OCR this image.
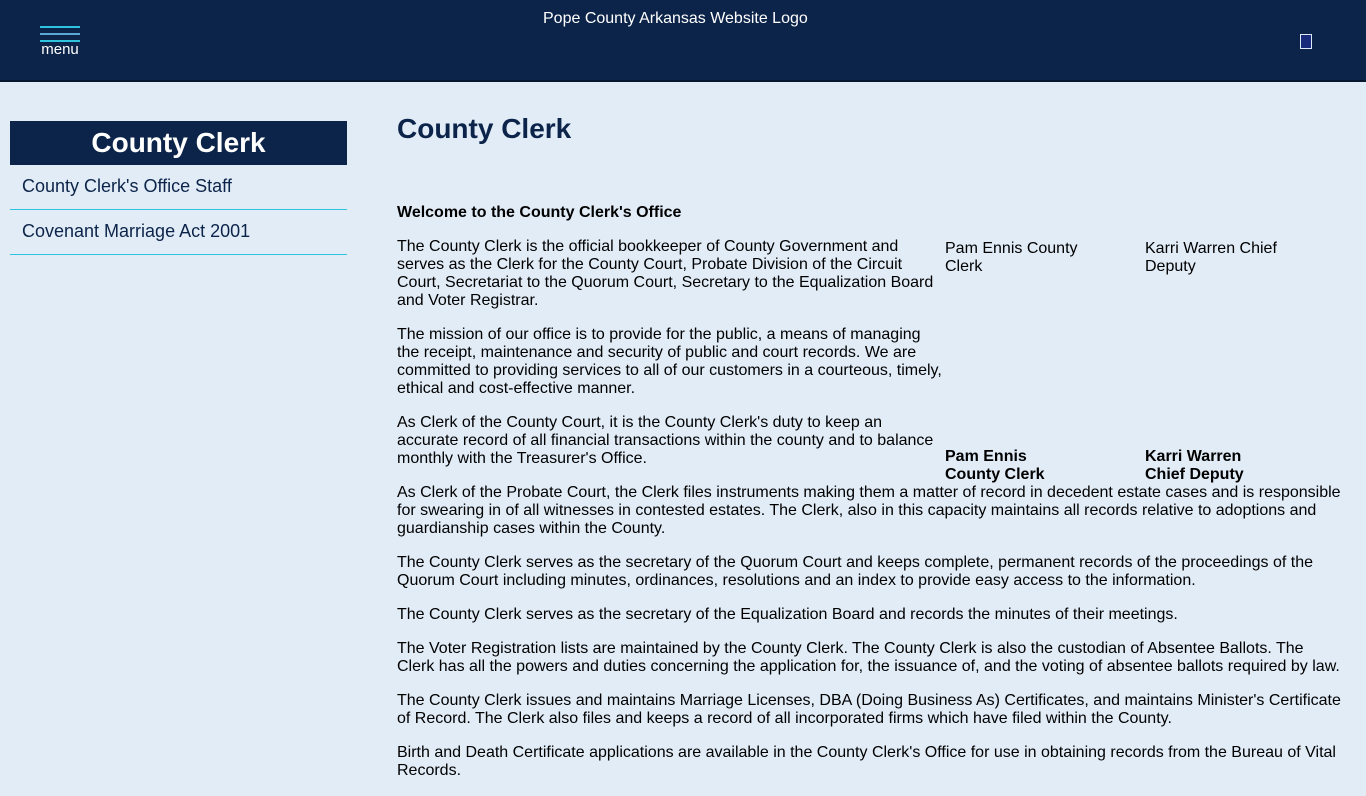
menu
Pope County Arkansas Website Logo
County Clerk
County Clerk's Office Staff
Covenant Marriage Act 2001
County Clerk
Welcome to the County Clerk's Office
Pam Ennis County Clerk
Pam Ennis
County Clerk
Karri Warren Chief Deputy
Karri Warren
Chief Deputy

The County Clerk is the official bookkeeper of County Government and serves as the Clerk for the County Court, Probate Division of the Circuit Court, Secretariat to the Quorum Court, Secretary to the Equalization Board and Voter Registrar.

The mission of our office is to provide for the public, a means of managing the receipt, maintenance and security of public and court records. We are committed to providing services to all of our customers in a courteous, timely, ethical and cost-effective manner.

As Clerk of the County Court, it is the County Clerk's duty to keep an accurate record of all financial transactions within the county and to balance monthly with the Treasurer's Office.

As Clerk of the Probate Court, the Clerk files instruments making them a matter of record in decedent estate cases and is responsible for swearing in of all witnesses in contested estates. The Clerk, also in this capacity maintains all records relative to adoptions and guardianship cases within the County.

The County Clerk serves as the secretary of the Quorum Court and keeps complete, permanent records of the proceedings of the Quorum Court including minutes, ordinances, resolutions and an index to provide easy access to the information.

The County Clerk serves as the secretary of the Equalization Board and records the minutes of their meetings.

The Voter Registration lists are maintained by the County Clerk. The County Clerk is also the custodian of Absentee Ballots. The Clerk has all the powers and duties concerning the application for, the issuance of, and the voting of absentee ballots required by law.

The County Clerk issues and maintains Marriage Licenses, DBA (Doing Business As) Certificates, and maintains Minister's Certificate of Record. The Clerk also files and keeps a record of all incorporated firms which have filed within the County.

Birth and Death Certificate applications are available in the County Clerk's Office for use in obtaining records from the Bureau of Vital Records.
